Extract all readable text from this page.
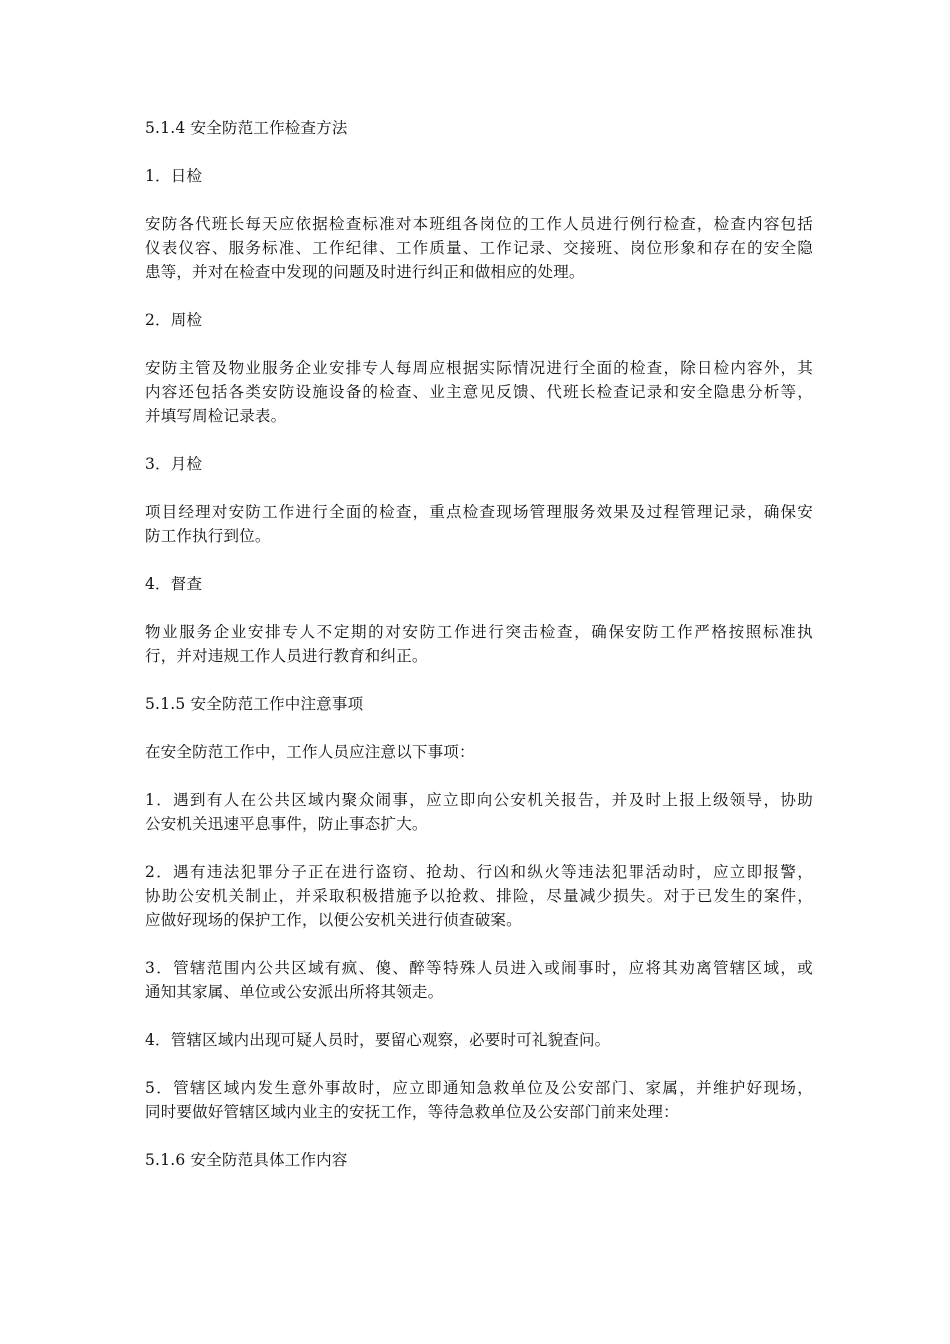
5.1.4 安全防范工作检查方法
1．日检
安防各代班长每天应依据检查标准对本班组各岗位的工作人员进行例行检查，检查内容包括
仪表仪容、服务标准、工作纪律、工作质量、工作记录、交接班、岗位形象和存在的安全隐
患等，并对在检查中发现的问题及时进行纠正和做相应的处理。
2．周检
安防主管及物业服务企业安排专人每周应根据实际情况进行全面的检查，除日检内容外，其
内容还包括各类安防设施设备的检查、业主意见反馈、代班长检查记录和安全隐患分析等，
并填写周检记录表。
3．月检
项目经理对安防工作进行全面的检查，重点检查现场管理服务效果及过程管理记录，确保安
防工作执行到位。
4．督查
物业服务企业安排专人不定期的对安防工作进行突击检查，确保安防工作严格按照标准执
行，并对违规工作人员进行教育和纠正。
5.1.5 安全防范工作中注意事项
在安全防范工作中，工作人员应注意以下事项：
1．遇到有人在公共区域内聚众闹事，应立即向公安机关报告，并及时上报上级领导，协助
公安机关迅速平息事件，防止事态扩大。
2．遇有违法犯罪分子正在进行盗窃、抢劫、行凶和纵火等违法犯罪活动时，应立即报警，
协助公安机关制止，并采取积极措施予以抢救、排险，尽量减少损失。对于已发生的案件，
应做好现场的保护工作，以便公安机关进行侦查破案。
3．管辖范围内公共区域有疯、傻、醉等特殊人员进入或闹事时，应将其劝离管辖区域，或
通知其家属、单位或公安派出所将其领走。
4．管辖区域内出现可疑人员时，要留心观察，必要时可礼貌查问。
5．管辖区域内发生意外事故时，应立即通知急救单位及公安部门、家属，并维护好现场，
同时要做好管辖区域内业主的安抚工作，等待急救单位及公安部门前来处理：
5.1.6 安全防范具体工作内容
